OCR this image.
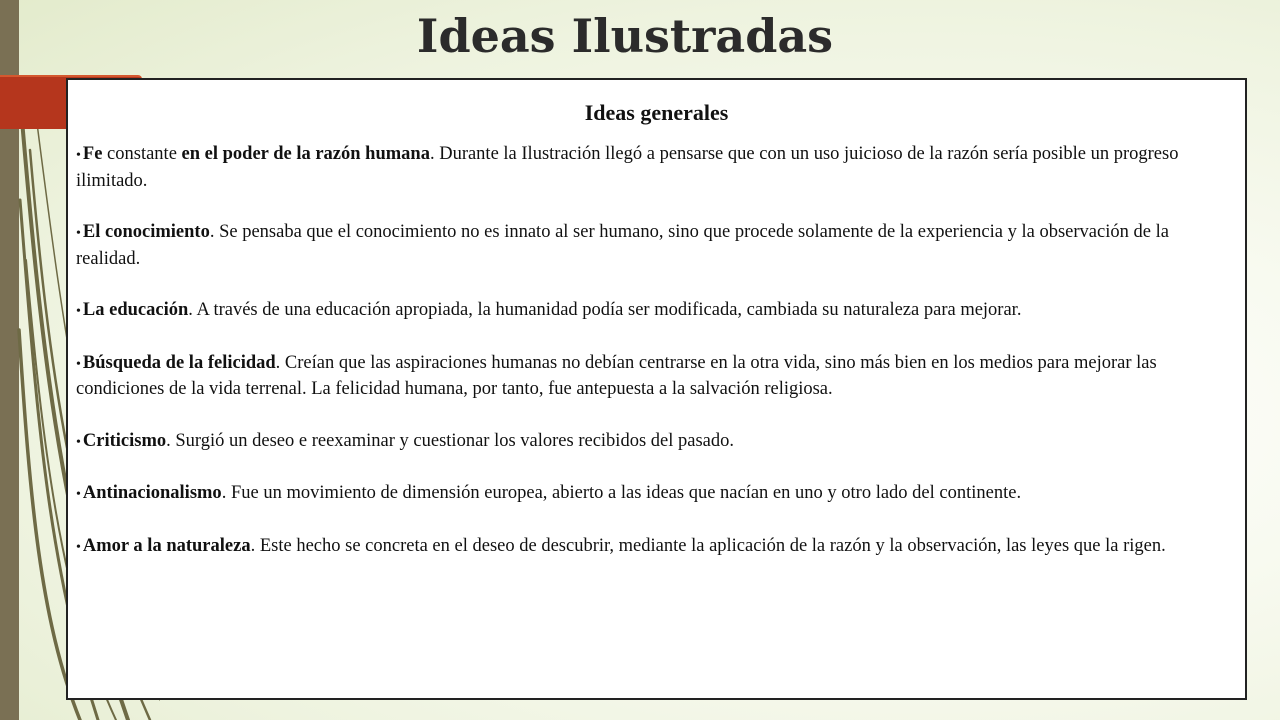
Ideas Ilustradas
Ideas generales

• Fe constante en el poder de la razón humana. Durante la Ilustración llegó a pensarse que con un uso juicioso de la razón sería posible un progreso ilimitado.

• El conocimiento. Se pensaba que el conocimiento no es innato al ser humano, sino que procede solamente de la experiencia y la observación de la realidad.

• La educación. A través de una educación apropiada, la humanidad podía ser modificada, cambiada su naturaleza para mejorar.

• Búsqueda de la felicidad. Creían que las aspiraciones humanas no debían centrarse en la otra vida, sino más bien en los medios para mejorar las condiciones de la vida terrenal. La felicidad humana, por tanto, fue antepuesta a la salvación religiosa.

• Criticismo. Surgió un deseo e reexaminar y cuestionar los valores recibidos del pasado.

• Antinacionalismo. Fue un movimiento de dimensión europea, abierto a las ideas que nacían en uno y otro lado del continente.

• Amor a la naturaleza. Este hecho se concreta en el deseo de descubrir, mediante la aplicación de la razón y la observación, las leyes que la rigen.
